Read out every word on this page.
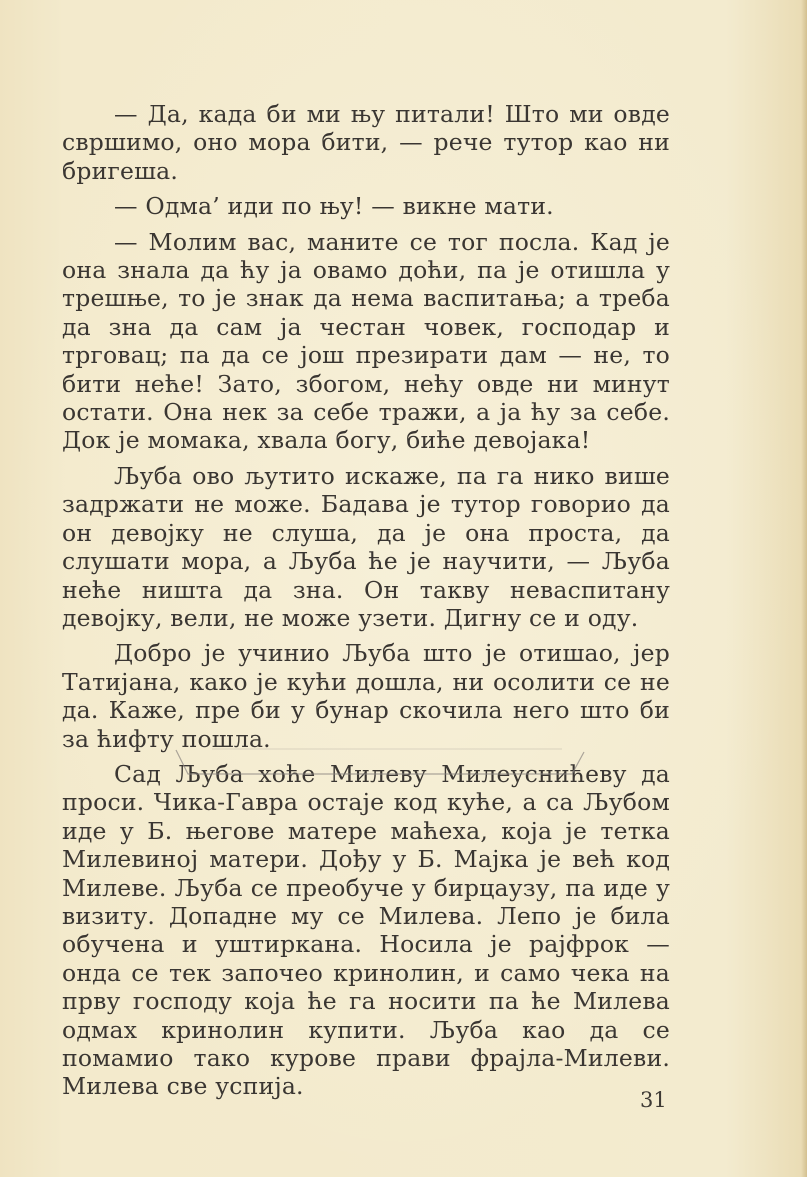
— Да, када би ми њу питали! Што ми овде свршимо, оно мора бити, — рече тутор као ни бригеша.

— Одма’ иди по њу! — викне мати.

— Молим вас, маните се тог посла. Кад је она знала да ћу ја овамо доћи, па је отишла у трешње, то је знак да нема васпитања; а треба да зна да сам ја честан човек, господар и трговац; па да се још презирати дам — не, то бити неће! Зато, збогом, нећу овде ни минут остати. Она нек за себе тражи, а ја ћу за себе. Док је момака, хвала богу, биће девојака!

Љуба ово љутито искаже, па га нико више задржати не може. Бадава је тутор говорио да он девојку не слуша, да је она проста, да слушати мора, а Љуба ће је научити, — Љуба неће ништа да зна. Он такву неваспитану девојку, вели, не може узети. Дигну се и оду.

Добро је учинио Љуба што је отишао, јер Татијана, како је кући дошла, ни осолити се не да. Каже, пре би у бунар скочила него што би за ћифту пошла.

Сад Љуба хоће Милеву Милеуснићеву да проси. Чика-Гавра остаје код куће, а са Љубом иде у Б. његове матере маћеха, која је тетка Милевиној матери. Дођу у Б. Мајка је већ код Милеве. Љуба се преобуче у бирцаузу, па иде у визиту. Допадне му се Милева. Лепо је била обучена и уштиркана. Носила је рајфрок — онда се тек започео кринолин, и само чека на прву господу која ће га носити па ће Милева одмах кринолин купити. Љуба као да се помамио тако курове прави фрајла-Милеви. Милева све успија.	31
